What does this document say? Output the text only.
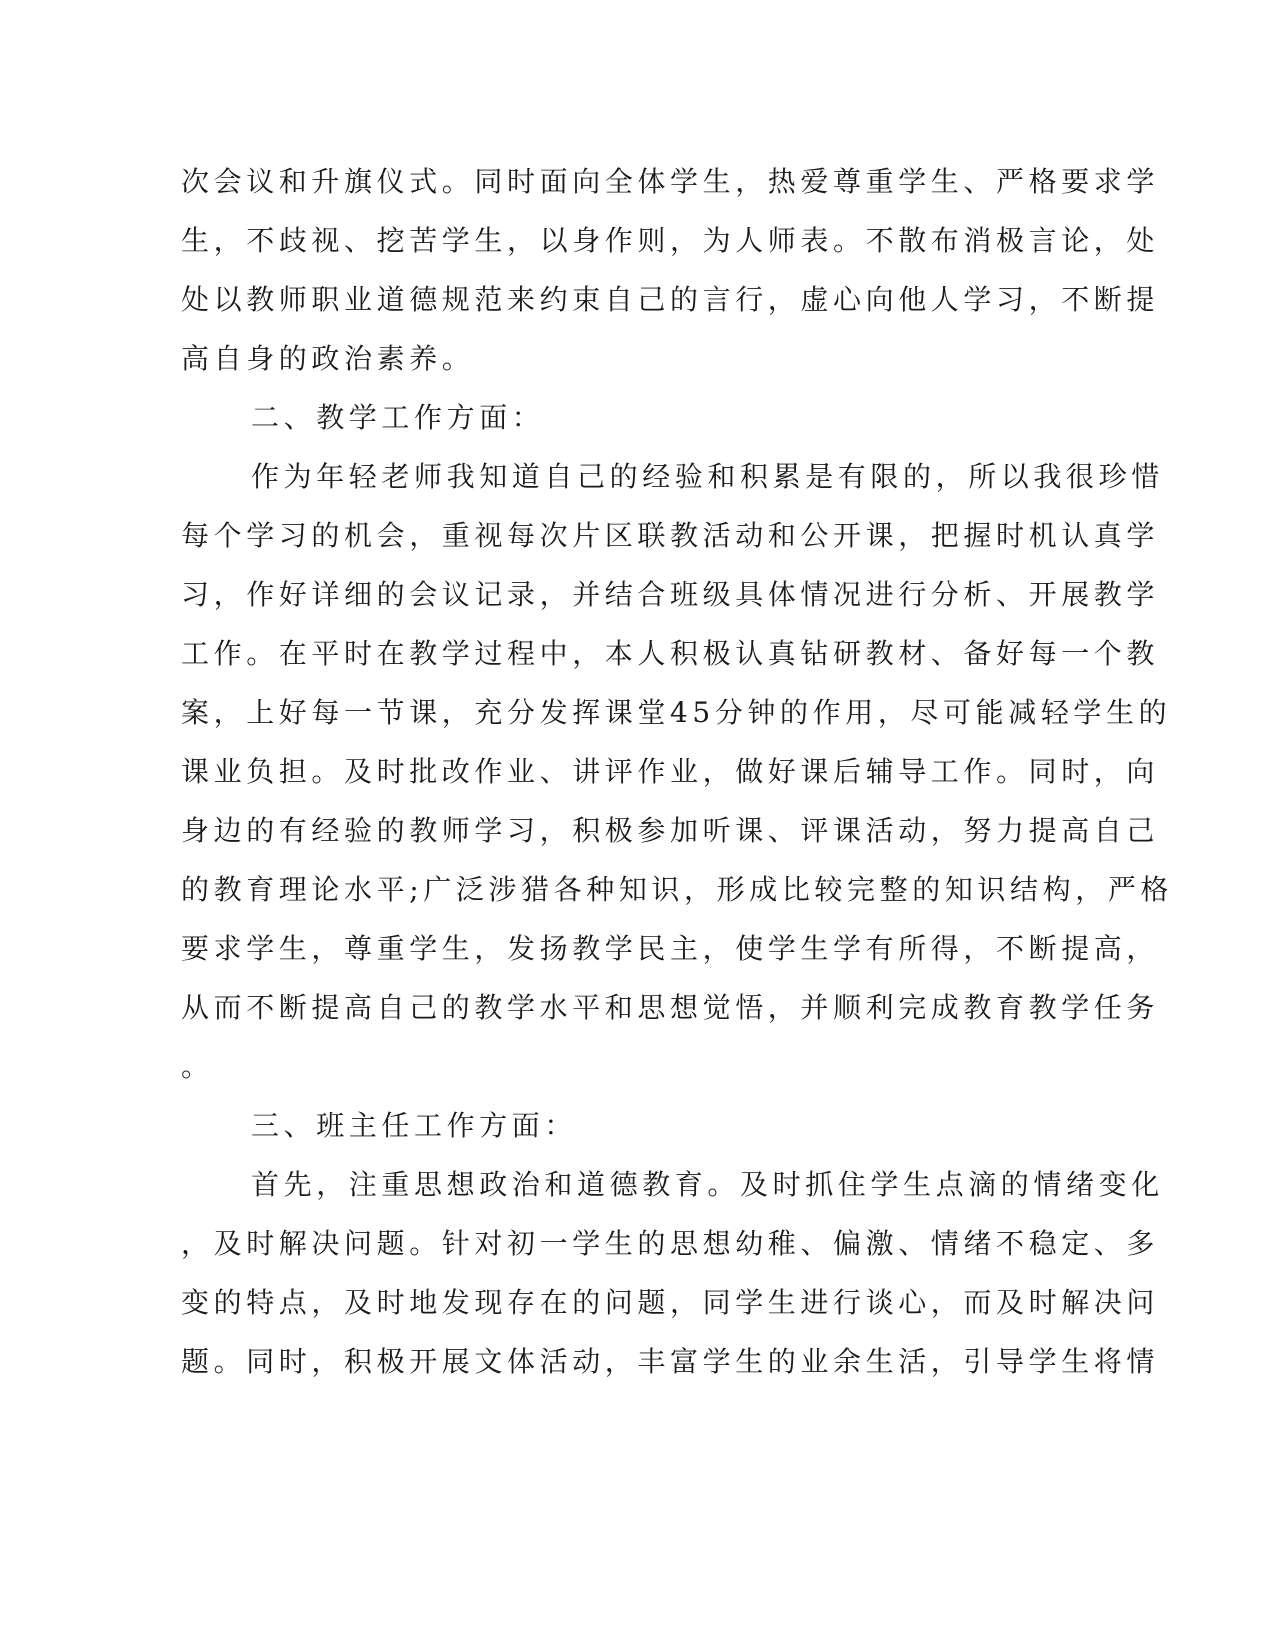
次会议和升旗仪式。同时面向全体学生，热爱尊重学生、严格要求学
生，不歧视、挖苦学生，以身作则，为人师表。不散布消极言论，处
处以教师职业道德规范来约束自己的言行，虚心向他人学习，不断提
高自身的政治素养。
二、教学工作方面：
作为年轻老师我知道自己的经验和积累是有限的，所以我很珍惜
每个学习的机会，重视每次片区联教活动和公开课，把握时机认真学
习，作好详细的会议记录，并结合班级具体情况进行分析、开展教学
工作。在平时在教学过程中，本人积极认真钻研教材、备好每一个教
案，上好每一节课，充分发挥课堂45分钟的作用，尽可能减轻学生的
课业负担。及时批改作业、讲评作业，做好课后辅导工作。同时，向
身边的有经验的教师学习，积极参加听课、评课活动，努力提高自己
的教育理论水平;广泛涉猎各种知识，形成比较完整的知识结构，严格
要求学生，尊重学生，发扬教学民主，使学生学有所得，不断提高，
从而不断提高自己的教学水平和思想觉悟，并顺利完成教育教学任务
。
三、班主任工作方面：
首先，注重思想政治和道德教育。及时抓住学生点滴的情绪变化
，及时解决问题。针对初一学生的思想幼稚、偏激、情绪不稳定、多
变的特点，及时地发现存在的问题，同学生进行谈心，而及时解决问
题。同时，积极开展文体活动，丰富学生的业余生活，引导学生将情
